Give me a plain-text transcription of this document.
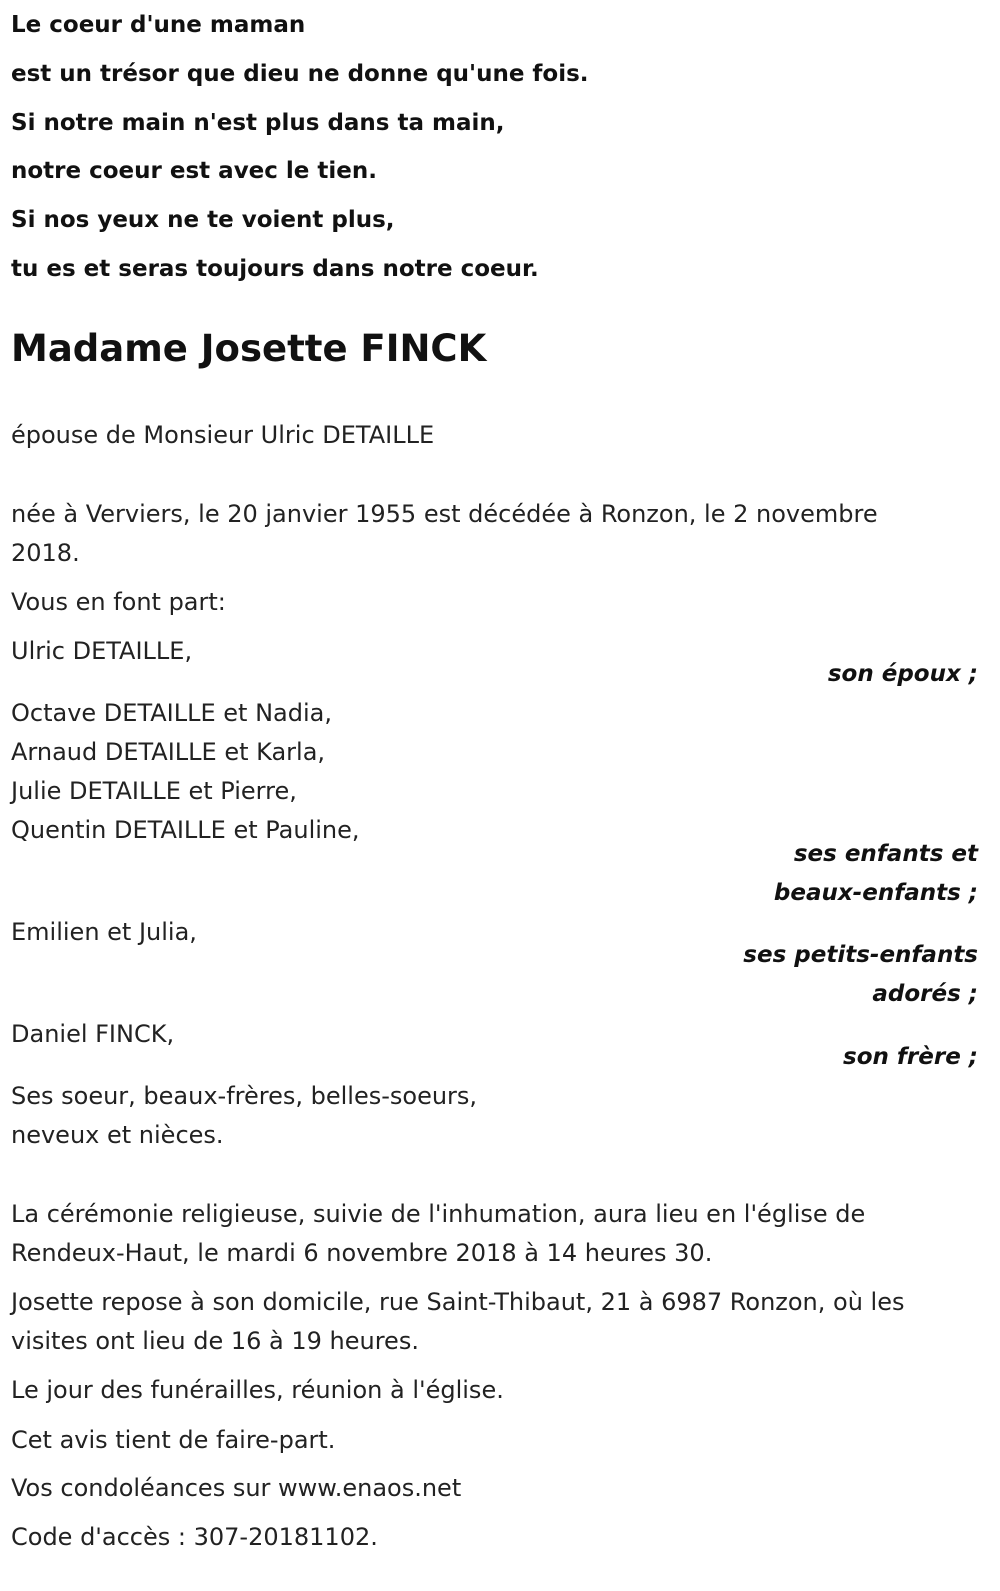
Le coeur d'une maman

est un trésor que dieu ne donne qu'une fois.

Si notre main n'est plus dans ta main,

notre coeur est avec le tien.

Si nos yeux ne te voient plus,

tu es et seras toujours dans notre coeur.

Madame Josette FINCK

épouse de Monsieur Ulric DETAILLE

née à Verviers, le 20 janvier 1955 est décédée à Ronzon, le 2 novembre

2018.

Vous en font part:

Ulric DETAILLE,

son époux ;

Octave DETAILLE et Nadia,

Arnaud DETAILLE et Karla,

Julie DETAILLE et Pierre,

Quentin DETAILLE et Pauline,

ses enfants et

beaux-enfants ;

Emilien et Julia,

ses petits-enfants

adorés ;

Daniel FINCK,

son frère ;

Ses soeur, beaux-frères, belles-soeurs,

neveux et nièces.

La cérémonie religieuse, suivie de l'inhumation, aura lieu en l'église de

Rendeux-Haut, le mardi 6 novembre 2018 à 14 heures 30.

Josette repose à son domicile, rue Saint-Thibaut, 21 à 6987 Ronzon, où les

visites ont lieu de 16 à 19 heures.

Le jour des funérailles, réunion à l'église.

Cet avis tient de faire-part.

Vos condoléances sur www.enaos.net

Code d'accès : 307-20181102.
